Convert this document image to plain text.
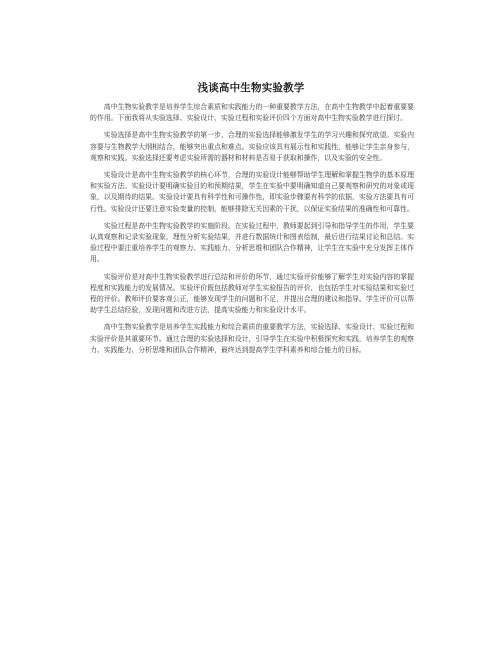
浅谈高中生物实验教学

高中生物实验教学是培养学生综合素质和实践能力的一种重要教学方法，在高中生物教学中起着重要要的作用。下面我将从实验选择、实验设计、实验过程和实验评价四个方面对高中生物实验教学进行探讨。

实验选择是高中生物实验教学的第一步，合理的实验选择能够激发学生的学习兴趣和探究欲望。实验内容要与生物教学大纲相结合，能够突出重点和难点。实验应该具有展示性和实践性，能够让学生亲身参与，观察和实践。实验选择还要考虑实验所需的器材和材料是否易于获取和操作，以及实验的安全性。

实验设计是高中生物实验教学的核心环节，合理的实验设计能够帮助学生理解和掌握生物学的基本原理和实验方法。实验设计要明确实验目的和预期结果，学生在实验中要明确知道自己要观察和研究的对象或现象，以及期待的结果。实验设计要具有科学性和可操作性，即实验步骤要有科学的依据，实验方法要具有可行性。实验设计还要注意实验变量的控制，能够排除无关因素的干扰，以保证实验结果的准确性和可靠性。

实验过程是高中生物实验教学的实施阶段。在实验过程中，教师要起到引导和指导学生的作用，学生要认真观察和记录实验现象，理性分析实验结果，并进行数据统计和图表绘制，最后进行结果讨论和总结。实验过程中要注重培养学生的观察力、实践能力、分析思维和团队合作精神，让学生在实验中充分发挥主体作用。

实验评价是对高中生物实验教学进行总结和评价的环节，通过实验评价能够了解学生对实验内容的掌握程度和实践能力的发展情况。实验评价既包括教师对学生实验报告的评价，也包括学生对实验结果和实验过程的评价。教师评价要客观公正，能够发现学生的问题和不足，并提出合理的建议和指导。学生评价可以帮助学生总结经验，发现问题和改进方法，提高实验能力和实验设计水平。

高中生物实验教学是培养学生实践能力和综合素质的重要教学方法，实验选择、实验设计、实验过程和实验评价是其重要环节。通过合理的实验选择和设计，引导学生在实验中积极探究和实践，培养学生的观察力、实践能力、分析思维和团队合作精神，最终达到提高学生学科素养和综合能力的目标。
